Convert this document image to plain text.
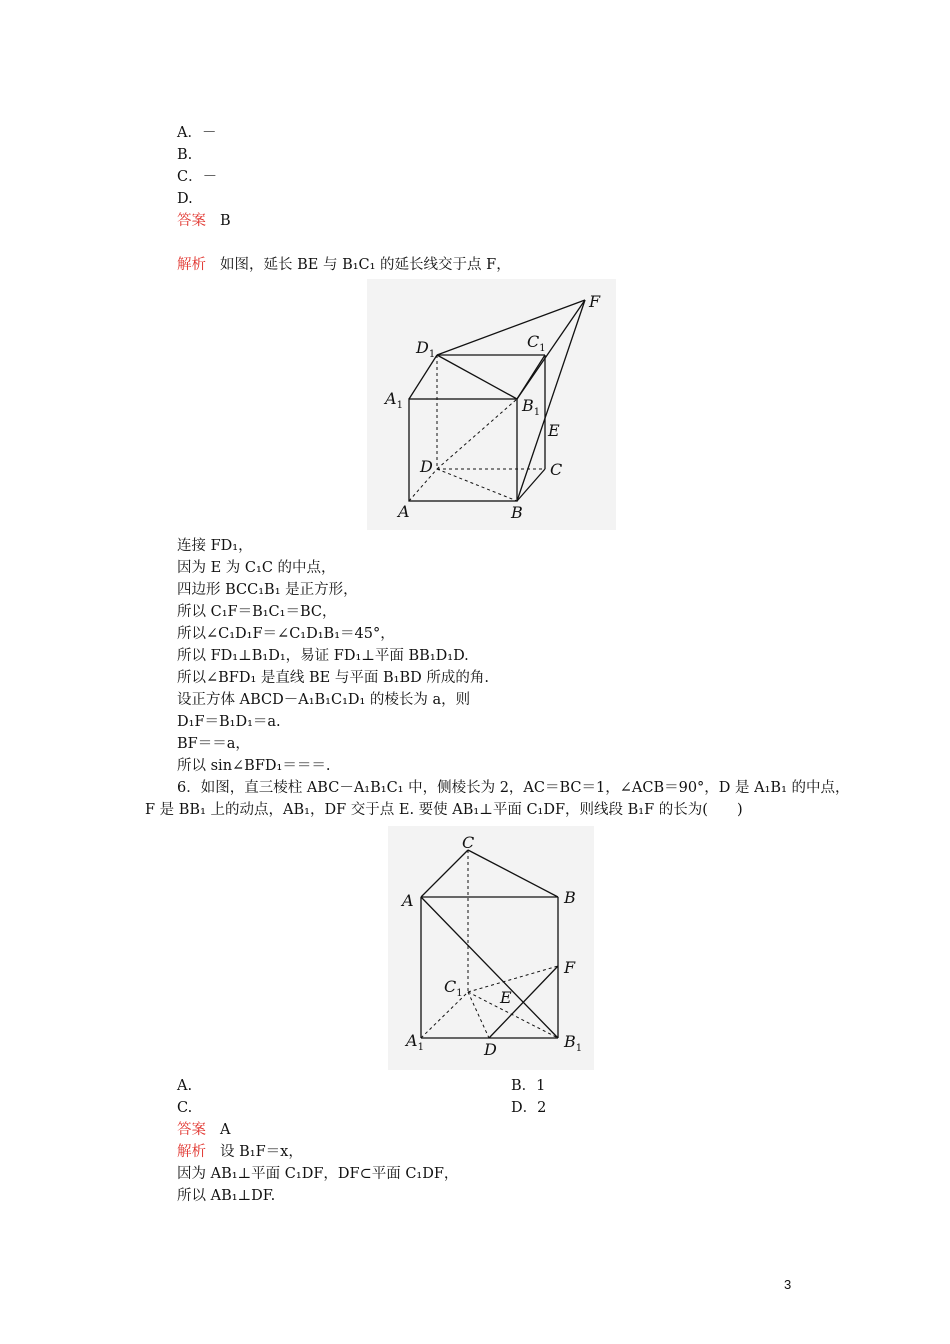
A．－
B.
C．－
D.
答案 B
解析 如图，延长 BE 与 B₁C₁ 的延长线交于点 F，
F
$D_1$
$C_1$
$A_1$	$B_1$
E
D	C
A	B
连接 FD₁，
因为 E 为 C₁C 的中点，
四边形 BCC₁B₁ 是正方形，
所以 C₁F＝B₁C₁＝BC，
所以∠C₁D₁F＝∠C₁D₁B₁＝45°，
所以 FD₁⊥B₁D₁，易证 FD₁⊥平面 BB₁D₁D.
所以∠BFD₁ 是直线 BE 与平面 B₁BD 所成的角.
设正方体 ABCD－A₁B₁C₁D₁ 的棱长为 a，则
D₁F＝B₁D₁＝a.
BF＝＝a，
所以 sin∠BFD₁＝＝＝.
6．如图，直三棱柱 ABC－A₁B₁C₁ 中，侧棱长为 2，AC＝BC＝1，∠ACB＝90°，D 是 A₁B₁ 的中点，
F 是 BB₁ 上的动点，AB₁，DF 交于点 E. 要使 AB₁⊥平面 C₁DF，则线段 B₁F 的长为(　　)
C
A	B
F
$C_1$ E
$A_1$	D	$B_1$
A.	B．1
C.	D．2
答案 A
解析 设 B₁F＝x，
因为 AB₁⊥平面 C₁DF，DF⊂平面 C₁DF，
所以 AB₁⊥DF.
3
